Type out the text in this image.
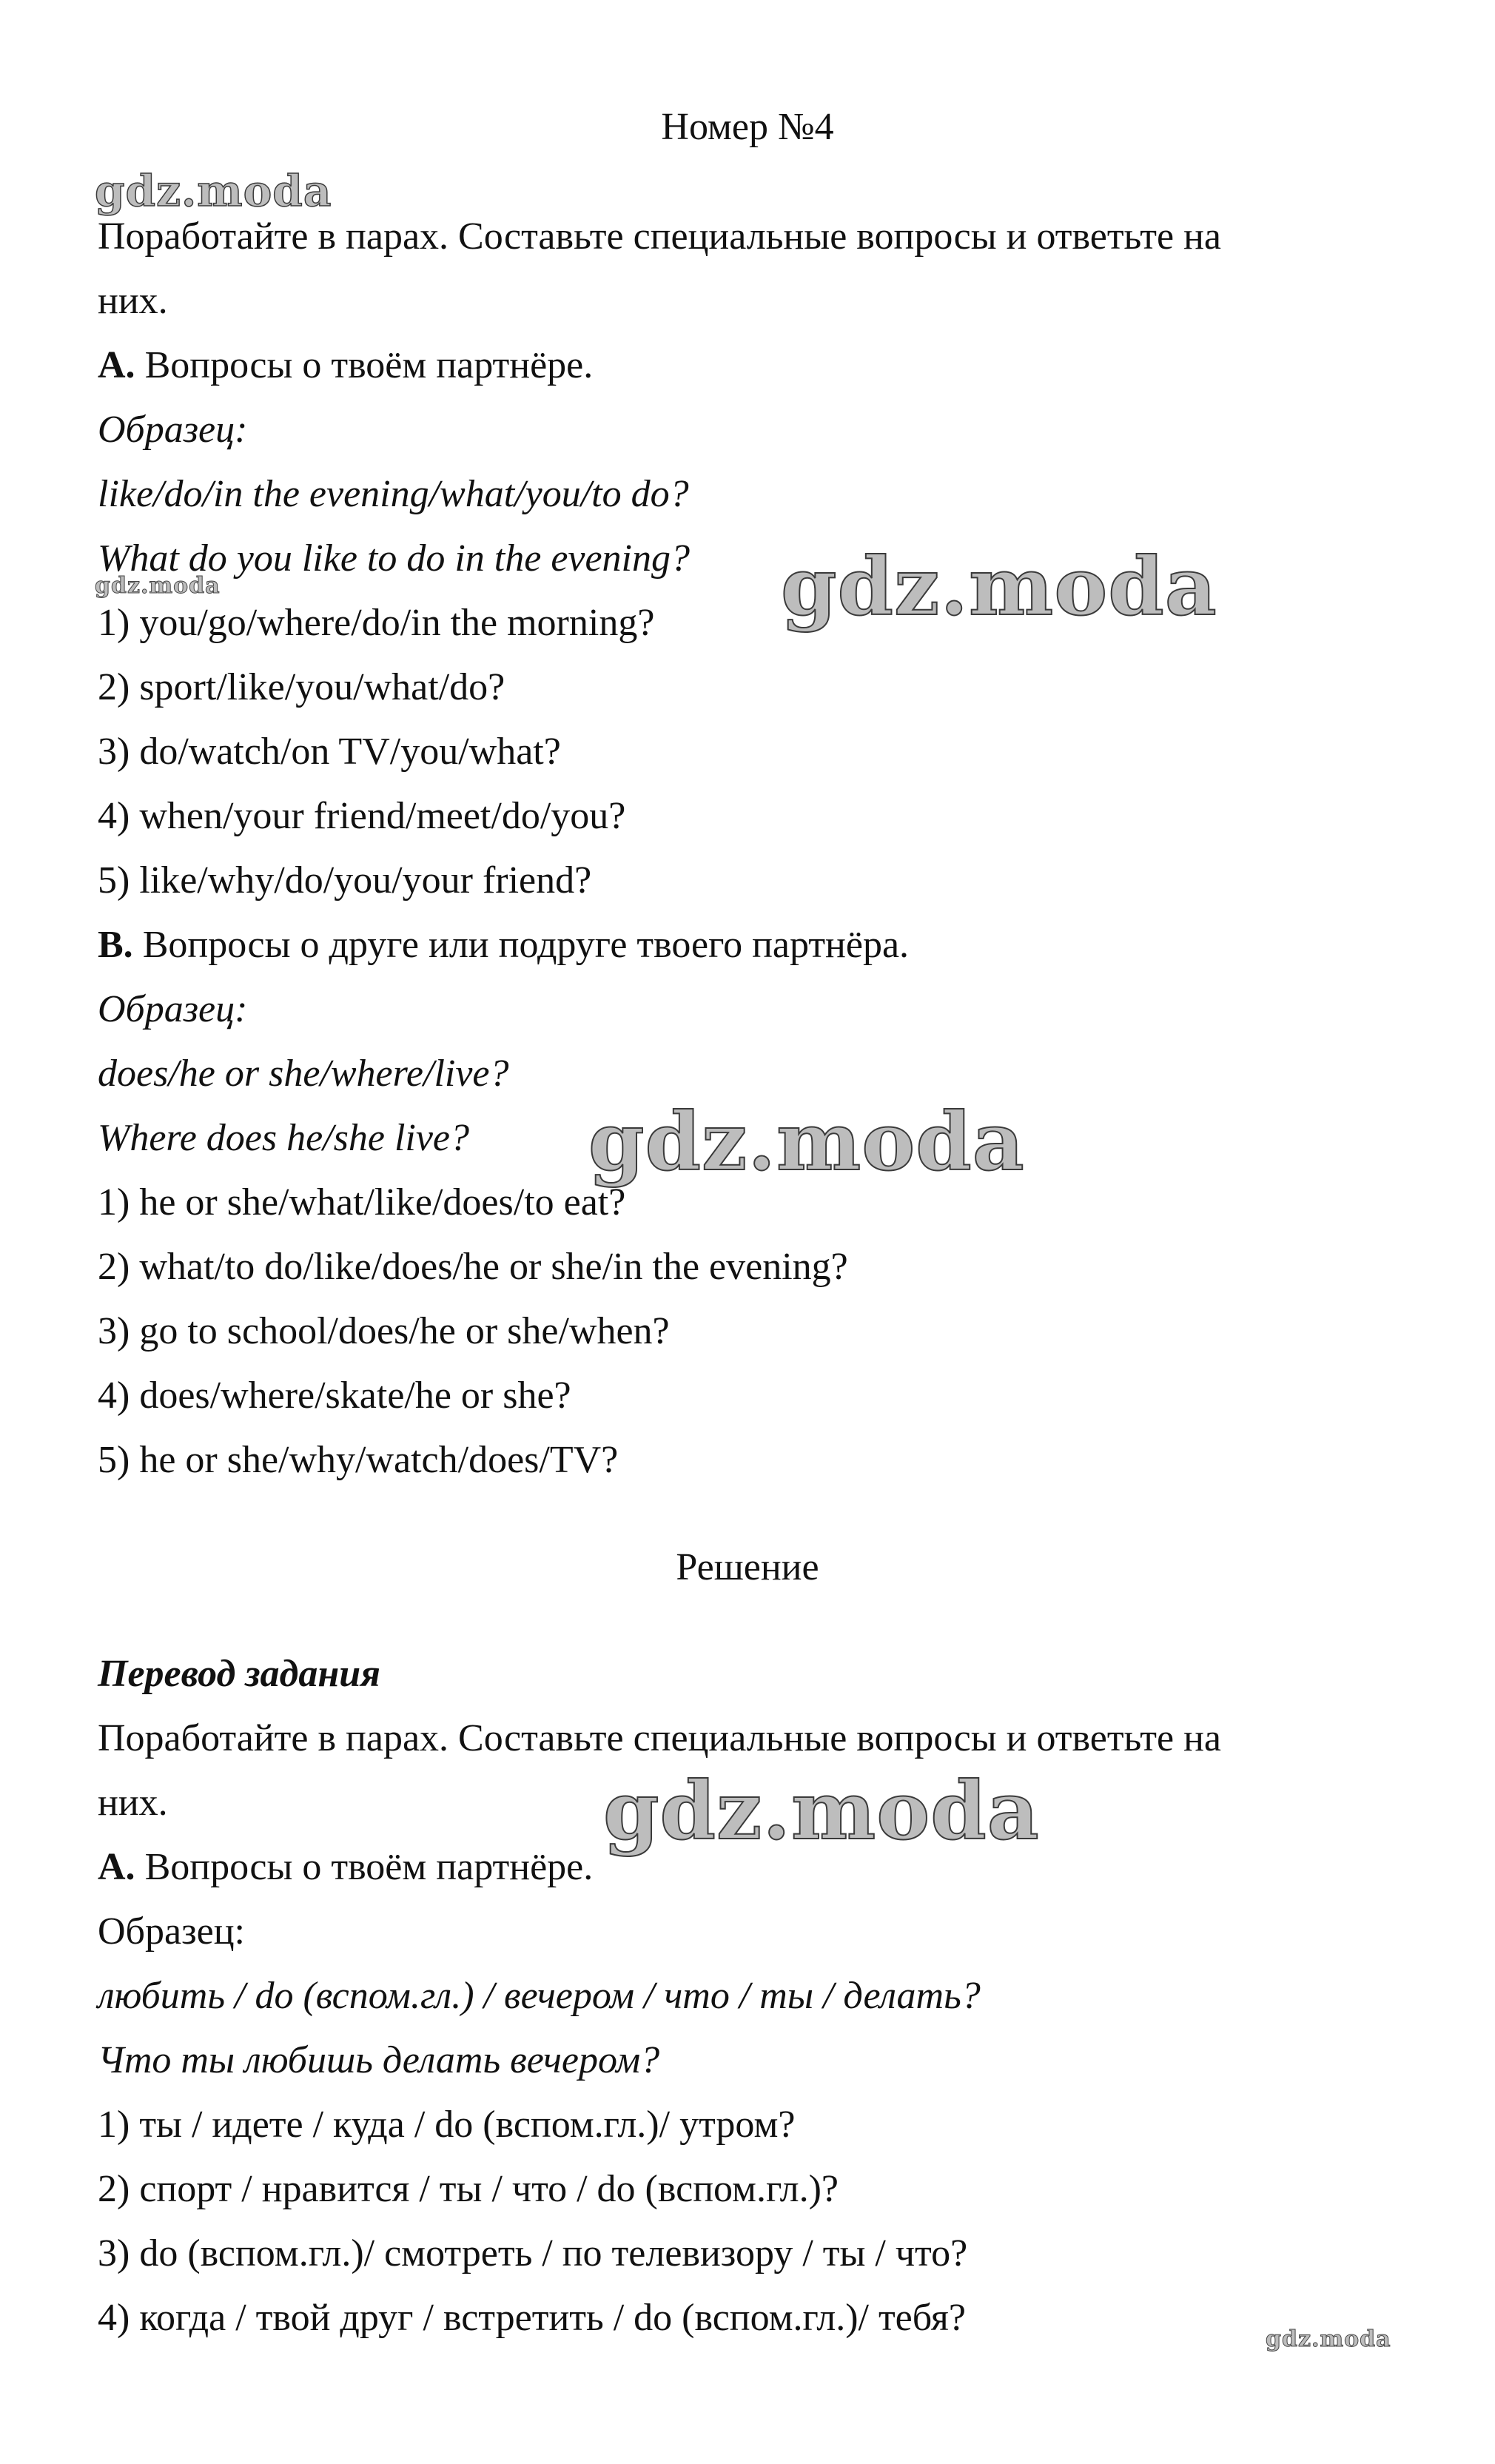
Номер №4
Поработайте в парах. Составьте специальные вопросы и ответьте на
них.
A. Вопросы о твоём партнёре.
Образец:
like/do/in the evening/what/you/to do?
What do you like to do in the evening?
1) you/go/where/do/in the morning?
2) sport/like/you/what/do?
3) do/watch/on TV/you/what?
4) when/your friend/meet/do/you?
5) like/why/do/you/your friend?
B. Вопросы о друге или подруге твоего партнёра.
Образец:
does/he or she/where/live?
Where does he/she live?
1) he or she/what/like/does/to eat?
2) what/to do/like/does/he or she/in the evening?
3) go to school/does/he or she/when?
4) does/where/skate/he or she?
5) he or she/why/watch/does/TV?
Решение
Перевод задания
Поработайте в парах. Составьте специальные вопросы и ответьте на
них.
A. Вопросы о твоём партнёре.
Образец:
любить / do (вспом.гл.) / вечером / что / ты / делать?
Что ты любишь делать вечером?
1) ты / идете / куда / do (вспом.гл.)/ утром?
2) спорт / нравится / ты / что / do (вспом.гл.)?
3) do (вспом.гл.)/ смотреть / по телевизору / ты / что?
4) когда / твой друг / встретить / do (вспом.гл.)/ тебя?
gdz.moda
gdz.moda	gdz.moda
gdz.moda
gdz.moda
gdz.moda
